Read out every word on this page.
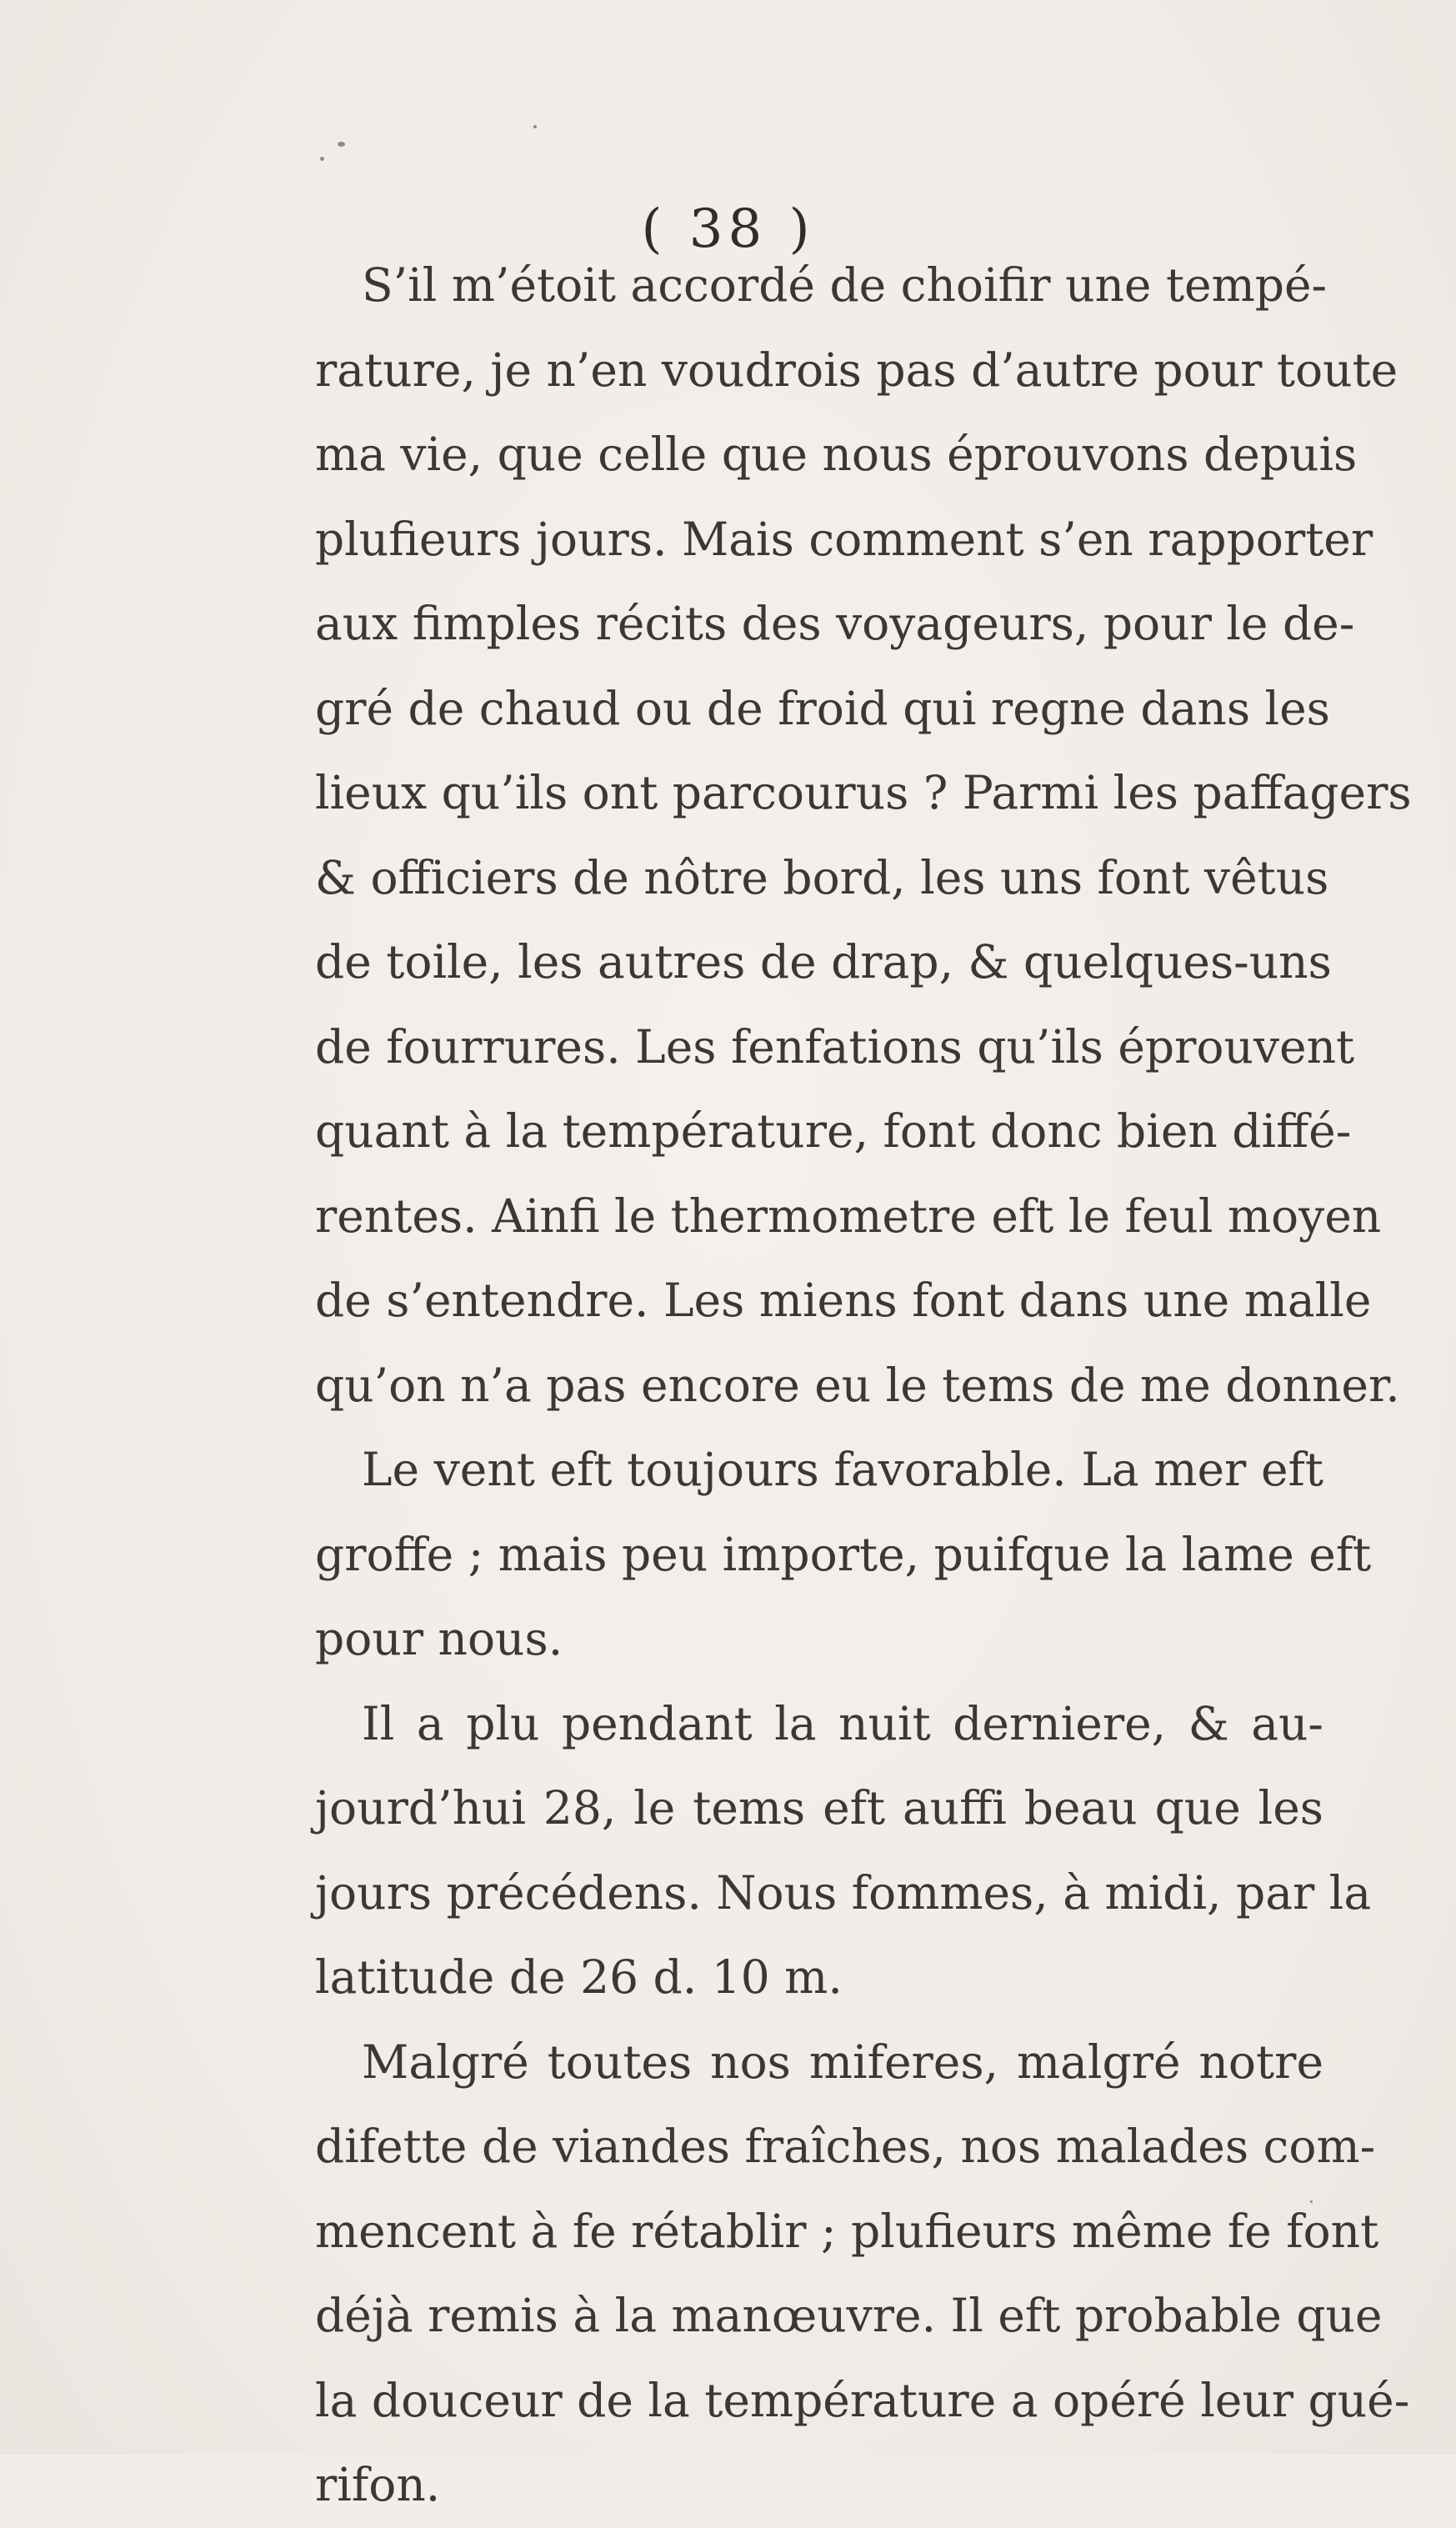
( 38 )
S’il m’étoit accordé de choifir une tempé-
rature, je n’en voudrois pas d’autre pour toute
ma vie, que celle que nous éprouvons depuis
plufieurs jours. Mais comment s’en rapporter
aux fimples récits des voyageurs, pour le de-
gré de chaud ou de froid qui regne dans les
lieux qu’ils ont parcourus ? Parmi les paffagers
& officiers de nôtre bord, les uns font vêtus
de toile, les autres de drap, & quelques-uns
de fourrures. Les fenfations qu’ils éprouvent
quant à la température, font donc bien diffé-
rentes. Ainfi le thermometre eft le feul moyen
de s’entendre. Les miens font dans une malle
qu’on n’a pas encore eu le tems de me donner.
Le vent eft toujours favorable. La mer eft
groffe ; mais peu importe, puifque la lame eft
pour nous.
Il a plu pendant la nuit derniere, & au-
jourd’hui 28, le tems eft auffi beau que les
jours précédens. Nous fommes, à midi, par la
latitude de 26 d. 10 m.
Malgré toutes nos miferes, malgré notre
difette de viandes fraîches, nos malades com-
mencent à fe rétablir ; plufieurs même fe font
déjà remis à la manœuvre. Il eft probable que
la douceur de la température a opéré leur gué-
rifon.
